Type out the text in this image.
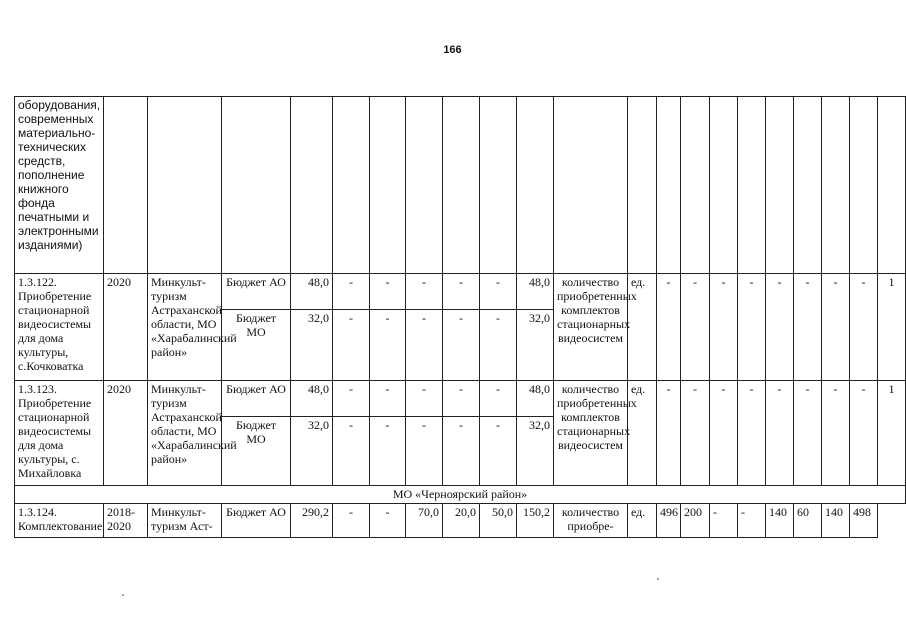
166
оборудования, современных материально-технических средств, пополнение книжного фонда печатными и электронными изданиями)																					
1.3.122. Приобретение стационарной видеосистемы для дома культуры, с.Кочковатка	2020	Минкульт-туризм Астраханской области, МО «Харабалинский район»	Бюджет АО	48,0	-	-	-	-	-	48,0	количество приобретенных комплектов стационарных видеосистем	ед.	-	-	-	-	-	-	-	-	1
			Бюджет МО	32,0	-	-	-	-	-	32,0											
1.3.123. Приобретение стационарной видеосистемы для дома культуры, с. Михайловка	2020	Минкульт-туризм Астраханской области, МО «Харабалинский район»	Бюджет АО	48,0	-	-	-	-	-	48,0	количество приобретенных комплектов стационарных видеосистем	ед.	-	-	-	-	-	-	-	-	1
			Бюджет МО	32,0	-	-	-	-	-	32,0											
МО «Черноярский район»																					
1.3.124. Комплектование	2018-2020	Минкульт-туризм Аст-	Бюджет АО	290,2	-	-	70,0	20,0	50,0	150,2	количество приобре-	ед.	496	200	-	-	140	60	140	498	
